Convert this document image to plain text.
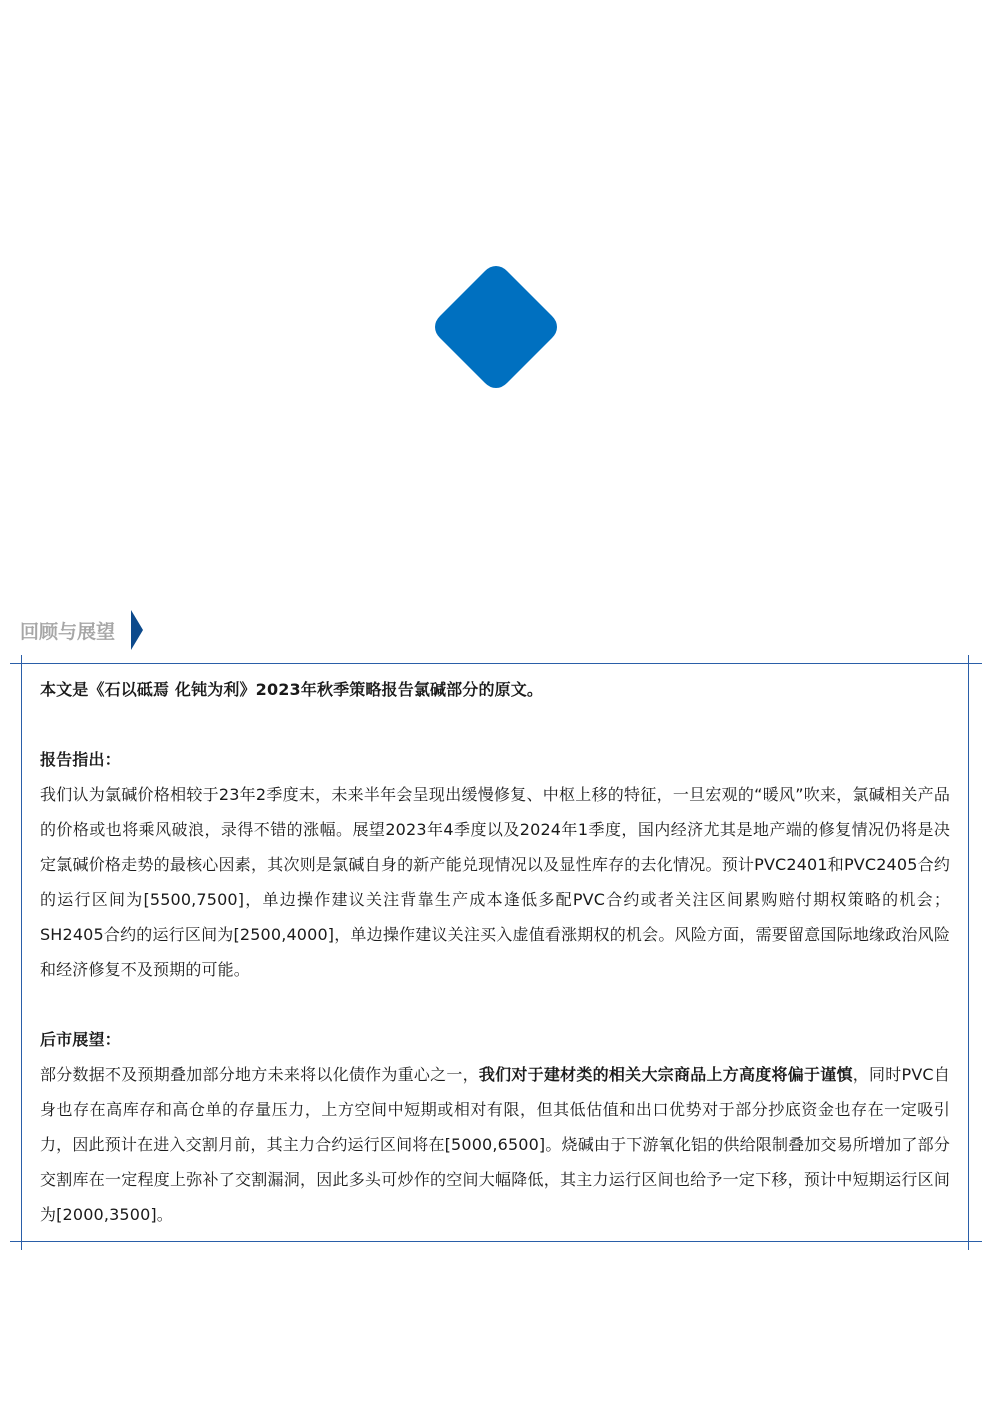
回顾与展望

本文是《石以砥焉 化钝为利》2023年秋季策略报告氯碱部分的原文。

报告指出：

我们认为氯碱价格相较于23年2季度末，未来半年会呈现出缓慢修复、中枢上移的特征，一旦宏观的“暖风”吹来，氯碱相关产品的价格或也将乘风破浪，录得不错的涨幅。展望2023年4季度以及2024年1季度，国内经济尤其是地产端的修复情况仍将是决定氯碱价格走势的最核心因素，其次则是氯碱自身的新产能兑现情况以及显性库存的去化情况。预计PVC2401和PVC2405合约的运行区间为[5500,7500]，单边操作建议关注背靠生产成本逢低多配PVC合约或者关注区间累购赔付期权策略的机会；SH2405合约的运行区间为[2500,4000]，单边操作建议关注买入虚值看涨期权的机会。风险方面，需要留意国际地缘政治风险和经济修复不及预期的可能。

后市展望：

部分数据不及预期叠加部分地方未来将以化债作为重心之一，我们对于建材类的相关大宗商品上方高度将偏于谨慎，同时PVC自身也存在高库存和高仓单的存量压力，上方空间中短期或相对有限，但其低估值和出口优势对于部分抄底资金也存在一定吸引力，因此预计在进入交割月前，其主力合约运行区间将在[5000,6500]。烧碱由于下游氧化铝的供给限制叠加交易所增加了部分交割库在一定程度上弥补了交割漏洞，因此多头可炒作的空间大幅降低，其主力运行区间也给予一定下移，预计中短期运行区间为[2000,3500]。
